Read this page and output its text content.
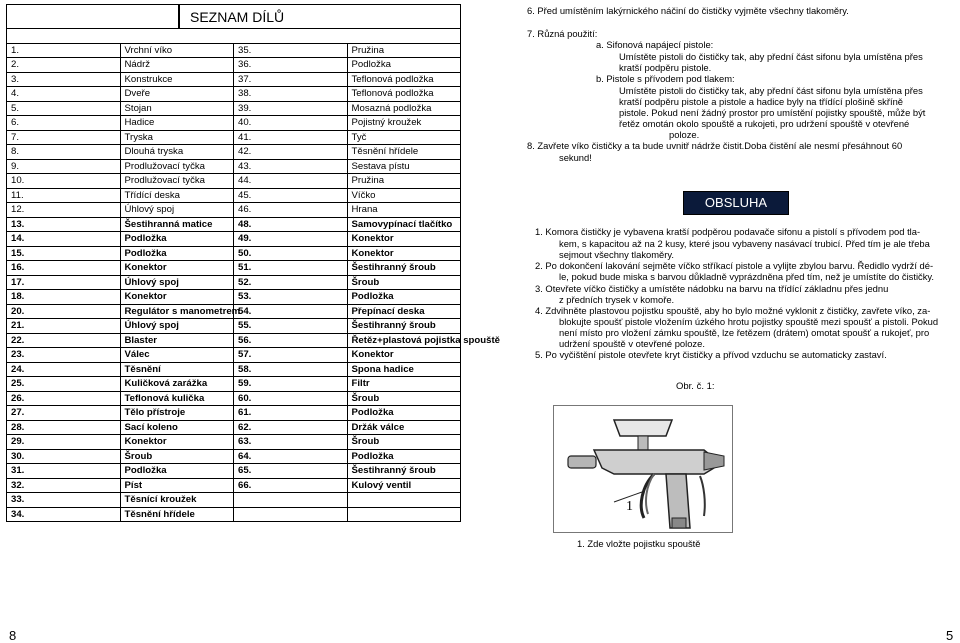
SEZNAM DÍLŮ

1.	Vrchní víko	35.	Pružina
2.	Nádrž	36.	Podložka
3.	Konstrukce	37.	Teflonová podložka
4.	Dveře	38.	Teflonová podložka
5.	Stojan	39.	Mosazná podložka
6.	Hadice	40.	Pojistný kroužek
7.	Tryska	41.	Tyč
8.	Dlouhá tryska	42.	Těsnění hřídele
9.	Prodlužovací tyčka	43.	Sestava pístu
10.	Prodlužovací tyčka	44.	Pružina
11.	Třídící deska	45.	Víčko
12.	Úhlový spoj	46.	Hrana
13.	Šestihranná matice	48.	Samovypínací tlačítko
14.	Podložka	49.	Konektor
15.	Podložka	50.	Konektor
16.	Konektor	51.	Šestihranný šroub
17.	Úhlový spoj	52.	Šroub
18.	Konektor	53.	Podložka
20.	Regulátor s manometrem	54.	Přepínací deska
21.	Úhlový spoj	55.	Šestihranný šroub
22.	Blaster	56.	Řetěz+plastová pojistka spouště
23.	Válec	57.	Konektor
24.	Těsnění	58.	Spona hadice
25.	Kuličková zarážka	59.	Filtr
26.	Teflonová kulička	60.	Šroub
27.	Tělo přístroje	61.	Podložka
28.	Sací koleno	62.	Držák válce
29.	Konektor	63.	Šroub
30.	Šroub	64.	Podložka
31.	Podložka	65.	Šestihranný šroub
32.	Píst	66.	Kulový ventil
33.	Těsnící kroužek		
34.	Těsnění hřídele		
8
6. Před umístěním lakýrnického náčiní do čističky vyjměte všechny tlakoměry.
7. Různá použití:
a. Sifonová napájecí pistole:
Umístěte pistoli do čističky tak, aby přední část sifonu byla umístěna přes
kratší podpěru pistole.
b. Pistole s přívodem pod tlakem:
Umístěte pistoli do čističky tak, aby přední část sifonu byla umístěna přes
kratší podpěru pistole a pistole a hadice byly na třídící plošině skříně
pistole. Pokud není žádný prostor pro umístění pojistky spouště, může být
řetěz omotán okolo spouště a rukojeti, pro udržení spouště v otevřené
poloze.
8. Zavřete víko čističky a ta bude uvnitř nádrže čistit.Doba čistění ale nesmí přesáhnout 60
sekund!
1. Komora čističky je vybavena kratší podpěrou podavače sifonu a pistolí s přívodem pod tla-
kem, s kapacitou až na 2 kusy, které jsou vybaveny nasávací trubicí. Před tím je ale třeba
sejmout všechny tlakoměry.
2. Po dokončení lakování sejměte víčko stříkací pistole a vylijte zbylou barvu. Ředidlo vydrží dé-
le, pokud bude miska s barvou důkladně vyprázdněna před tím, než je umístíte do čističky.
3. Otevřete víčko čističky a umístěte nádobku na barvu na třídící základnu přes jednu
z předních trysek v komoře.
4. Zdvihněte plastovou pojistku spouště, aby ho bylo možné vyklonit z čističky, zavřete víko, za-
blokujte spoušť pistole vložením úzkého hrotu pojistky spouště mezi spoušť a pistoli. Pokud
není místo pro vložení zámku spouště, lze řetězem (drátem) omotat spoušť a rukojeť, pro
udržení spouště v otevřené poloze.
5. Po vyčištění pistole otevřete kryt čističky a přívod vzduchu se automaticky zastaví.
1. Zde vložte pojistku spouště
OBSLUHA
Obr. č. 1:
1
5
